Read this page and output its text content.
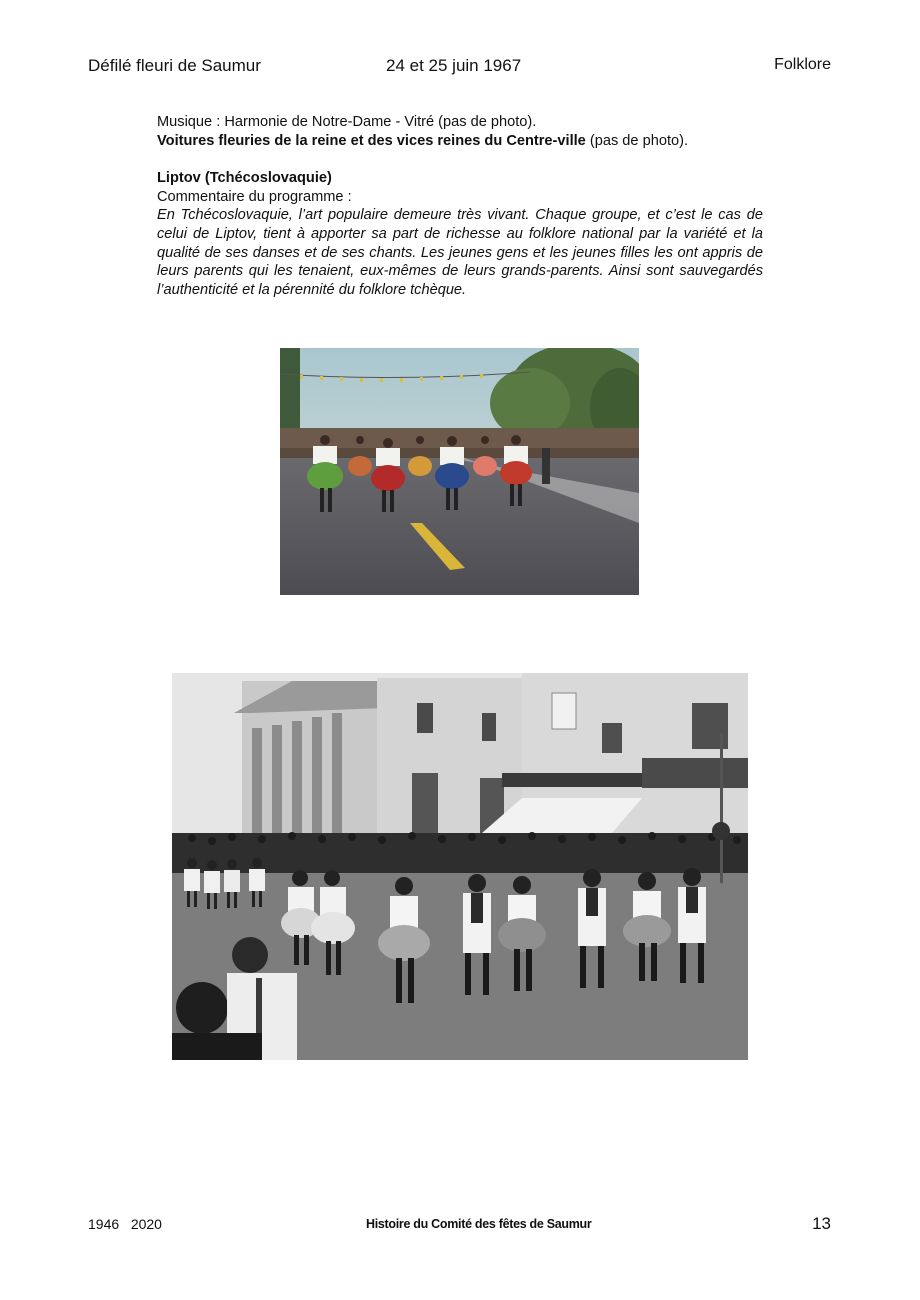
Défilé fleuri de Saumur	24 et 25 juin 1967	Folklore

Musique : Harmonie de Notre-Dame - Vitré (pas de photo).

Voitures fleuries de la reine et des vices reines du Centre-ville (pas de photo).

Liptov (Tchécoslovaquie)

Commentaire du programme :

En Tchécoslovaquie, l’art populaire demeure très vivant. Chaque groupe, et c’est le cas de celui de Liptov, tient à apporter sa part de richesse au folklore national par la variété et la qualité de ses danses et de ses chants. Les jeunes gens et les jeunes filles les ont appris de leurs parents qui les tenaient, eux-mêmes de leurs grands-parents. Ainsi sont sauvegardés l’authenticité et la pérennité du folklore tchèque.

1946   2020	Histoire du Comité des fêtes de Saumur	13
